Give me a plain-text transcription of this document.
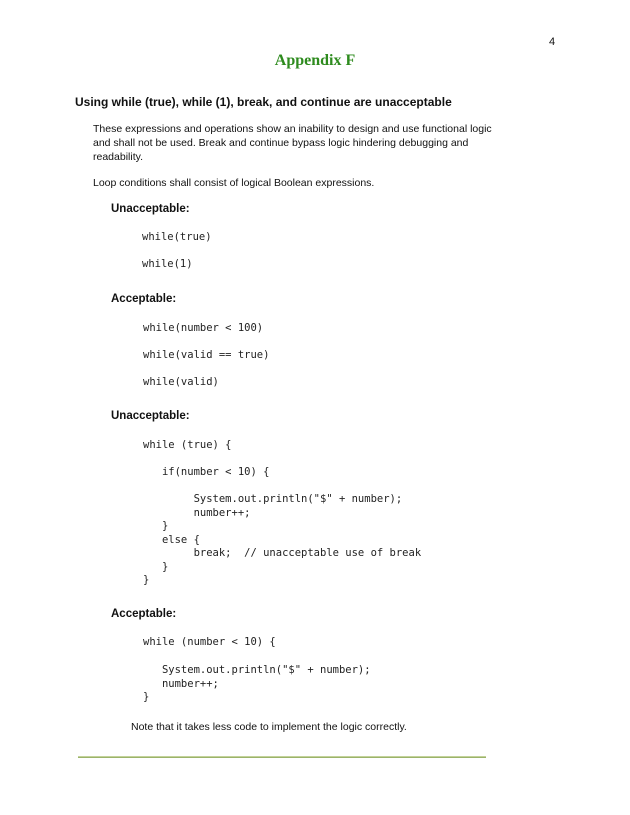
4
Appendix F
Using while (true), while (1), break, and continue are unacceptable
These expressions and operations show an inability to design and use functional logic and shall not be used. Break and continue bypass logic hindering debugging and readability.
Loop conditions shall consist of logical Boolean expressions.
Unacceptable:
while(true)
while(1)
Acceptable:
while(number < 100)
while(valid == true)
while(valid)
Unacceptable:
while (true) {
if(number < 10) {
System.out.println("$" + number);
number++;
}
else {
break;  // unacceptable use of break
}
}
Acceptable:
while (number < 10) {
System.out.println("$" + number);
number++;
}
Note that it takes less code to implement the logic correctly.
